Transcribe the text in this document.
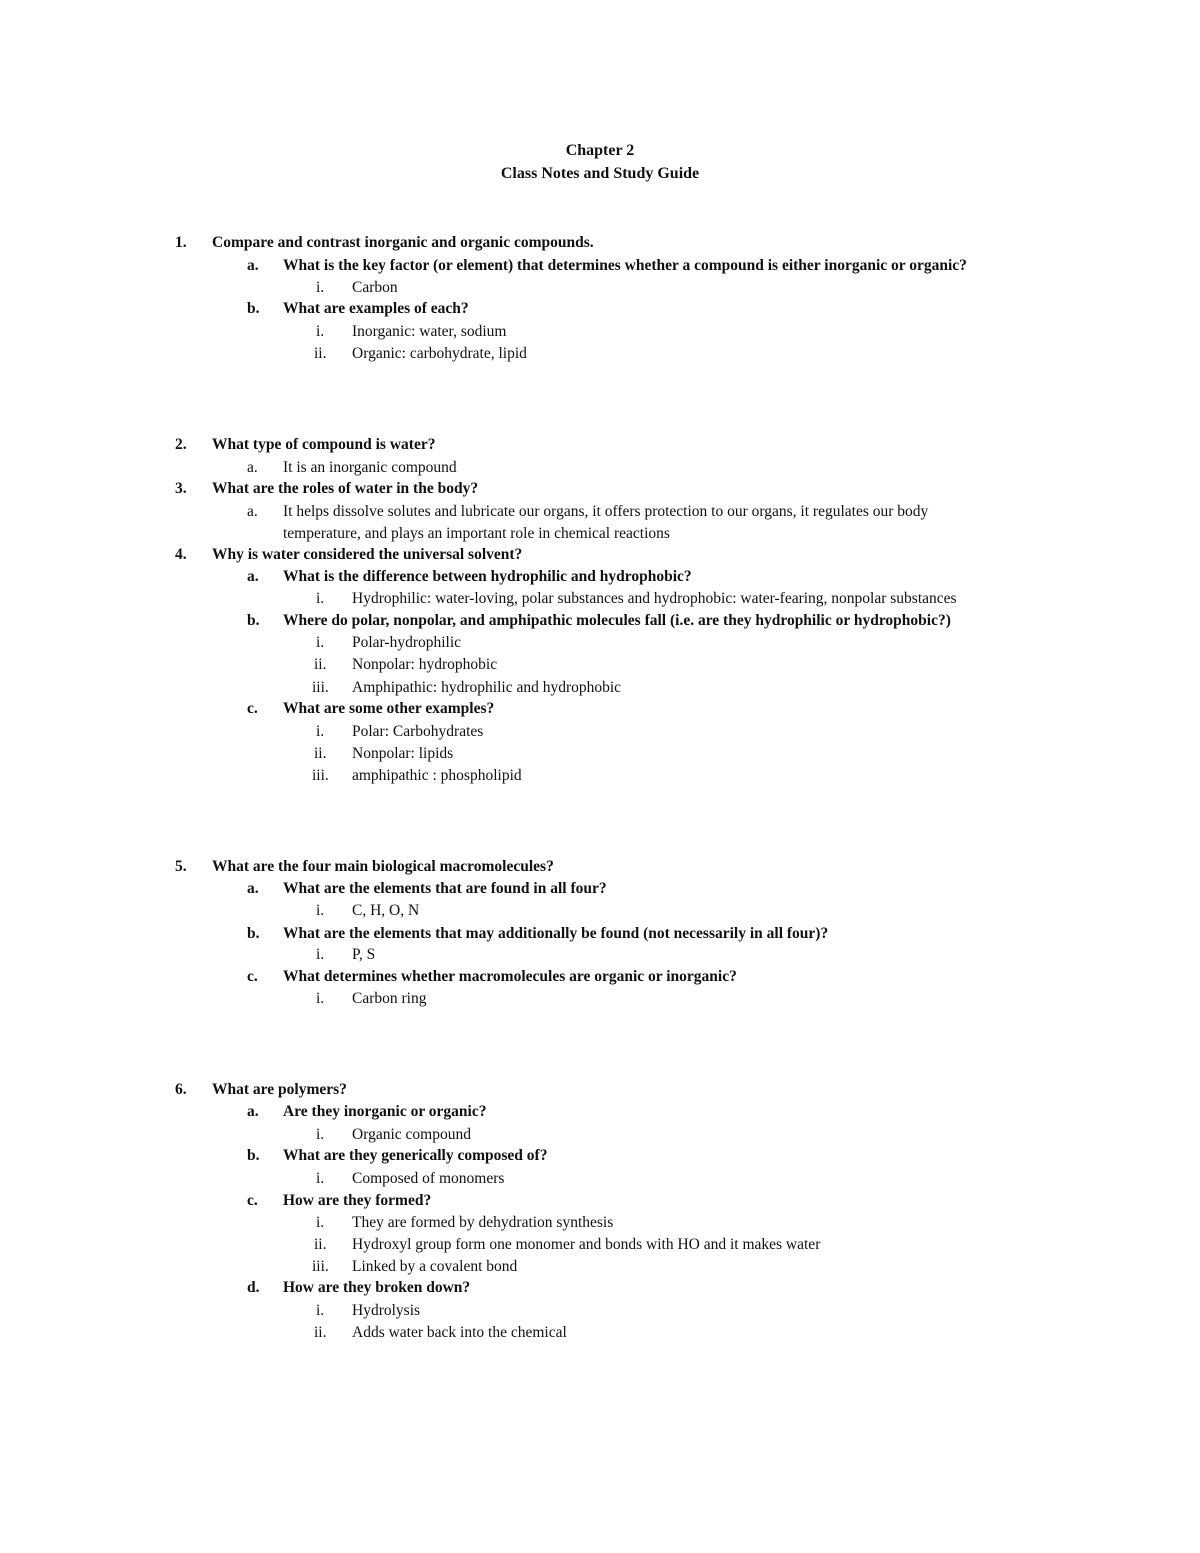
Chapter 2
Class Notes and Study Guide
1. Compare and contrast inorganic and organic compounds.
a. What is the key factor (or element) that determines whether a compound is either inorganic or organic?
i. Carbon
b. What are examples of each?
i. Inorganic: water, sodium
ii. Organic: carbohydrate, lipid
2. What type of compound is water?
a. It is an inorganic compound
3. What are the roles of water in the body?
a. It helps dissolve solutes and lubricate our organs, it offers protection to our organs, it regulates our body temperature, and plays an important role in chemical reactions
4. Why is water considered the universal solvent?
a. What is the difference between hydrophilic and hydrophobic?
i. Hydrophilic: water-loving, polar substances and hydrophobic: water-fearing, nonpolar substances
b. Where do polar, nonpolar, and amphipathic molecules fall (i.e. are they hydrophilic or hydrophobic?)
i. Polar-hydrophilic
ii. Nonpolar: hydrophobic
iii. Amphipathic: hydrophilic and hydrophobic
c. What are some other examples?
i. Polar: Carbohydrates
ii. Nonpolar: lipids
iii. amphipathic : phospholipid
5. What are the four main biological macromolecules?
a. What are the elements that are found in all four?
i. C, H, O, N
b. What are the elements that may additionally be found (not necessarily in all four)?
i. P, S
c. What determines whether macromolecules are organic or inorganic?
i. Carbon ring
6. What are polymers?
a. Are they inorganic or organic?
i. Organic compound
b. What are they generically composed of?
i. Composed of monomers
c. How are they formed?
i. They are formed by dehydration synthesis
ii. Hydroxyl group form one monomer and bonds with HO and it makes water
iii. Linked by a covalent bond
d. How are they broken down?
i. Hydrolysis
ii. Adds water back into the chemical
